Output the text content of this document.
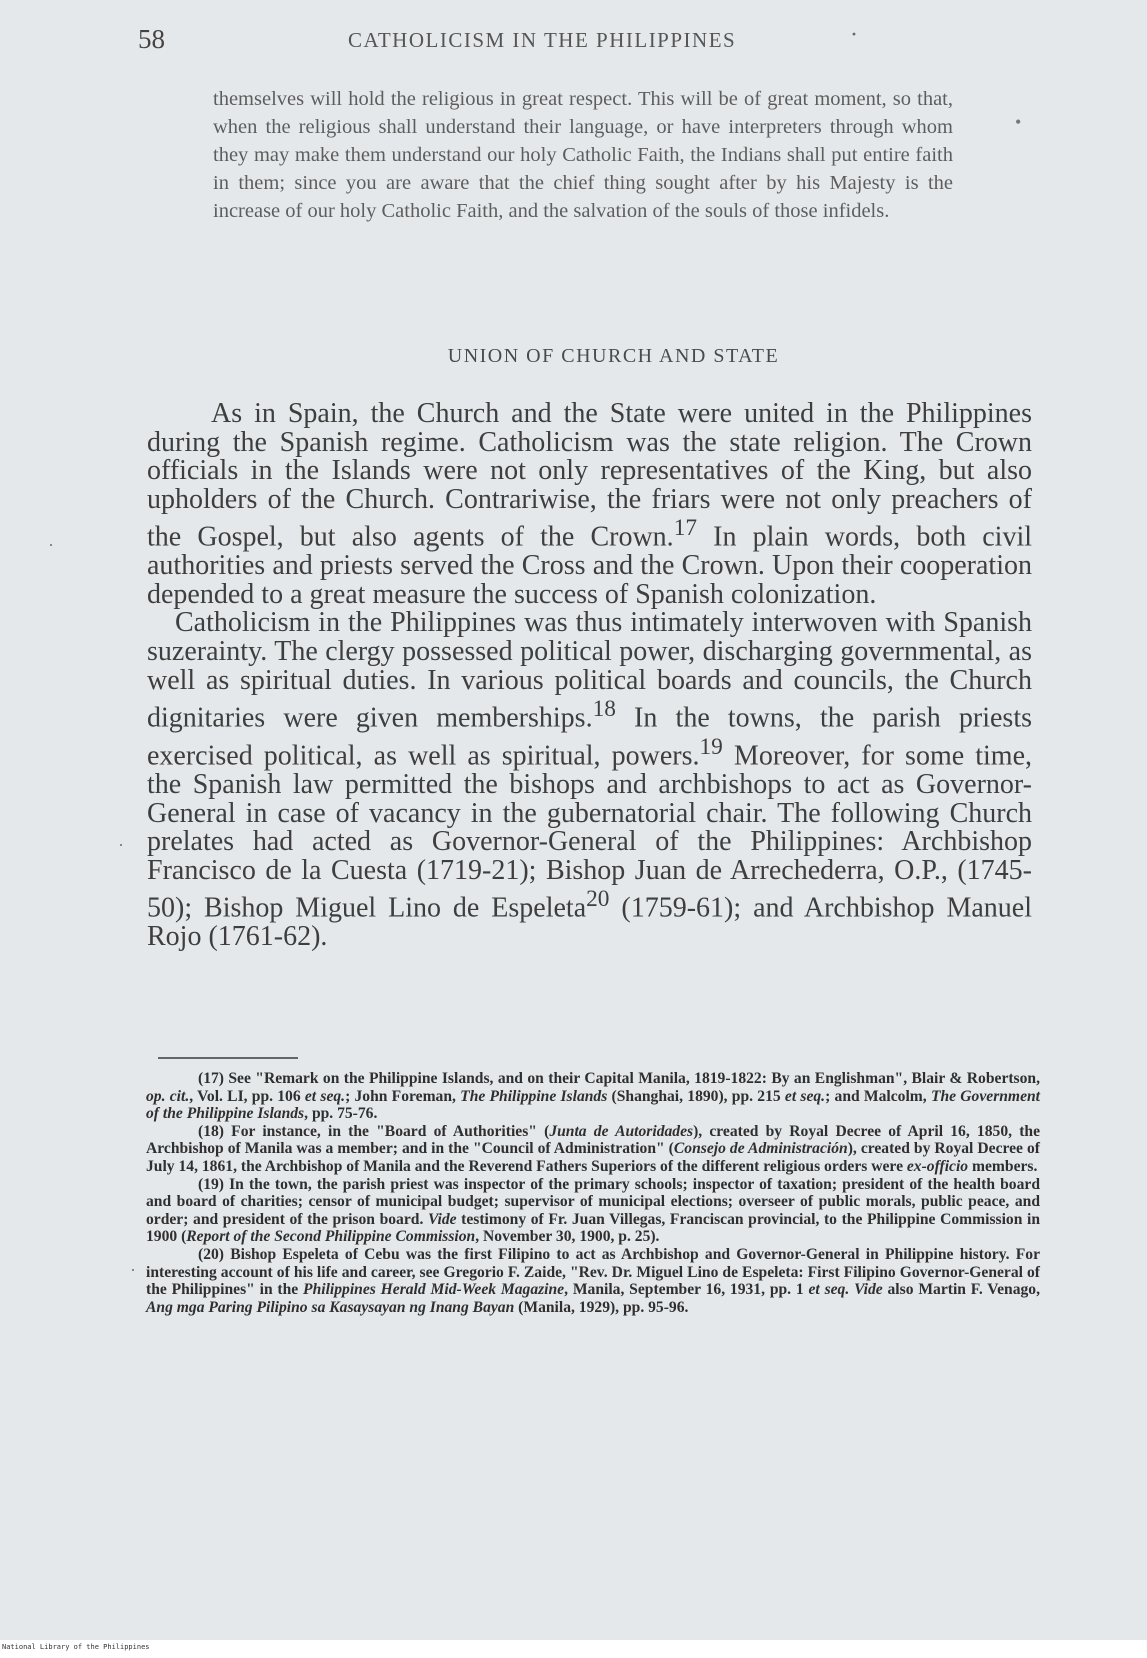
58	CATHOLICISM IN THE PHILIPPINES	·

themselves will hold the religious in great respect. This will be of great moment, so that, when the religious shall understand their language, or have interpreters through whom they may make them understand our holy Catholic Faith, the Indians shall put entire faith in them; since you are aware that the chief thing sought after by his Majesty is the increase of our holy Catholic Faith, and the salvation of the souls of those infidels.

UNION OF CHURCH AND STATE

As in Spain, the Church and the State were united in the Philippines during the Spanish regime. Catholicism was the state religion. The Crown officials in the Islands were not only representatives of the King, but also upholders of the Church. Contrariwise, the friars were not only preachers of the Gospel, but also agents of the Crown.$^{17}$ In plain words, both civil authorities and priests served the Cross and the Crown. Upon their cooperation depended to a great measure the success of Spanish colonization.

Catholicism in the Philippines was thus intimately interwoven with Spanish suzerainty. The clergy possessed political power, discharging governmental, as well as spiritual duties. In various political boards and councils, the Church dignitaries were given memberships.$^{18}$ In the towns, the parish priests exercised political, as well as spiritual, powers.$^{19}$ Moreover, for some time, the Spanish law permitted the bishops and archbishops to act as Governor-General in case of vacancy in the gubernatorial chair. The following Church prelates had acted as Governor-General of the Philippines: Archbishop Francisco de la Cuesta (1719-21); Bishop Juan de Arrechederra, O.P., (1745-50); Bishop Miguel Lino de Espeleta$^{20}$ (1759-61); and Archbishop Manuel Rojo (1761-62).

(17) See "Remark on the Philippine Islands, and on their Capital Manila, 1819-1822: By an Englishman", Blair & Robertson, op. cit., Vol. LI, pp. 106 et seq.; John Foreman, The Philippine Islands (Shanghai, 1890), pp. 215 et seq.; and Malcolm, The Government of the Philippine Islands, pp. 75-76.

(18) For instance, in the "Board of Authorities" (Junta de Autoridades), created by Royal Decree of April 16, 1850, the Archbishop of Manila was a member; and in the "Council of Administration" (Consejo de Administración), created by Royal Decree of July 14, 1861, the Archbishop of Manila and the Reverend Fathers Superiors of the different religious orders were ex-officio members.

(19) In the town, the parish priest was inspector of the primary schools; inspector of taxation; president of the health board and board of charities; censor of municipal budget; supervisor of municipal elections; overseer of public morals, public peace, and order; and president of the prison board. Vide testimony of Fr. Juan Villegas, Franciscan provincial, to the Philippine Commission in 1900 (Report of the Second Philippine Commission, November 30, 1900, p. 25).

(20) Bishop Espeleta of Cebu was the first Filipino to act as Archbishop and Governor-General in Philippine history. For interesting account of his life and career, see Gregorio F. Zaide, "Rev. Dr. Miguel Lino de Espeleta: First Filipino Governor-General of the Philippines" in the Philippines Herald Mid-Week Magazine, Manila, September 16, 1931, pp. 1 et seq. Vide also Martin F. Venago, Ang mga Paring Pilipino sa Kasaysayan ng Inang Bayan (Manila, 1929), pp. 95-96.

•
·
·
·
National Library of the Philippines
